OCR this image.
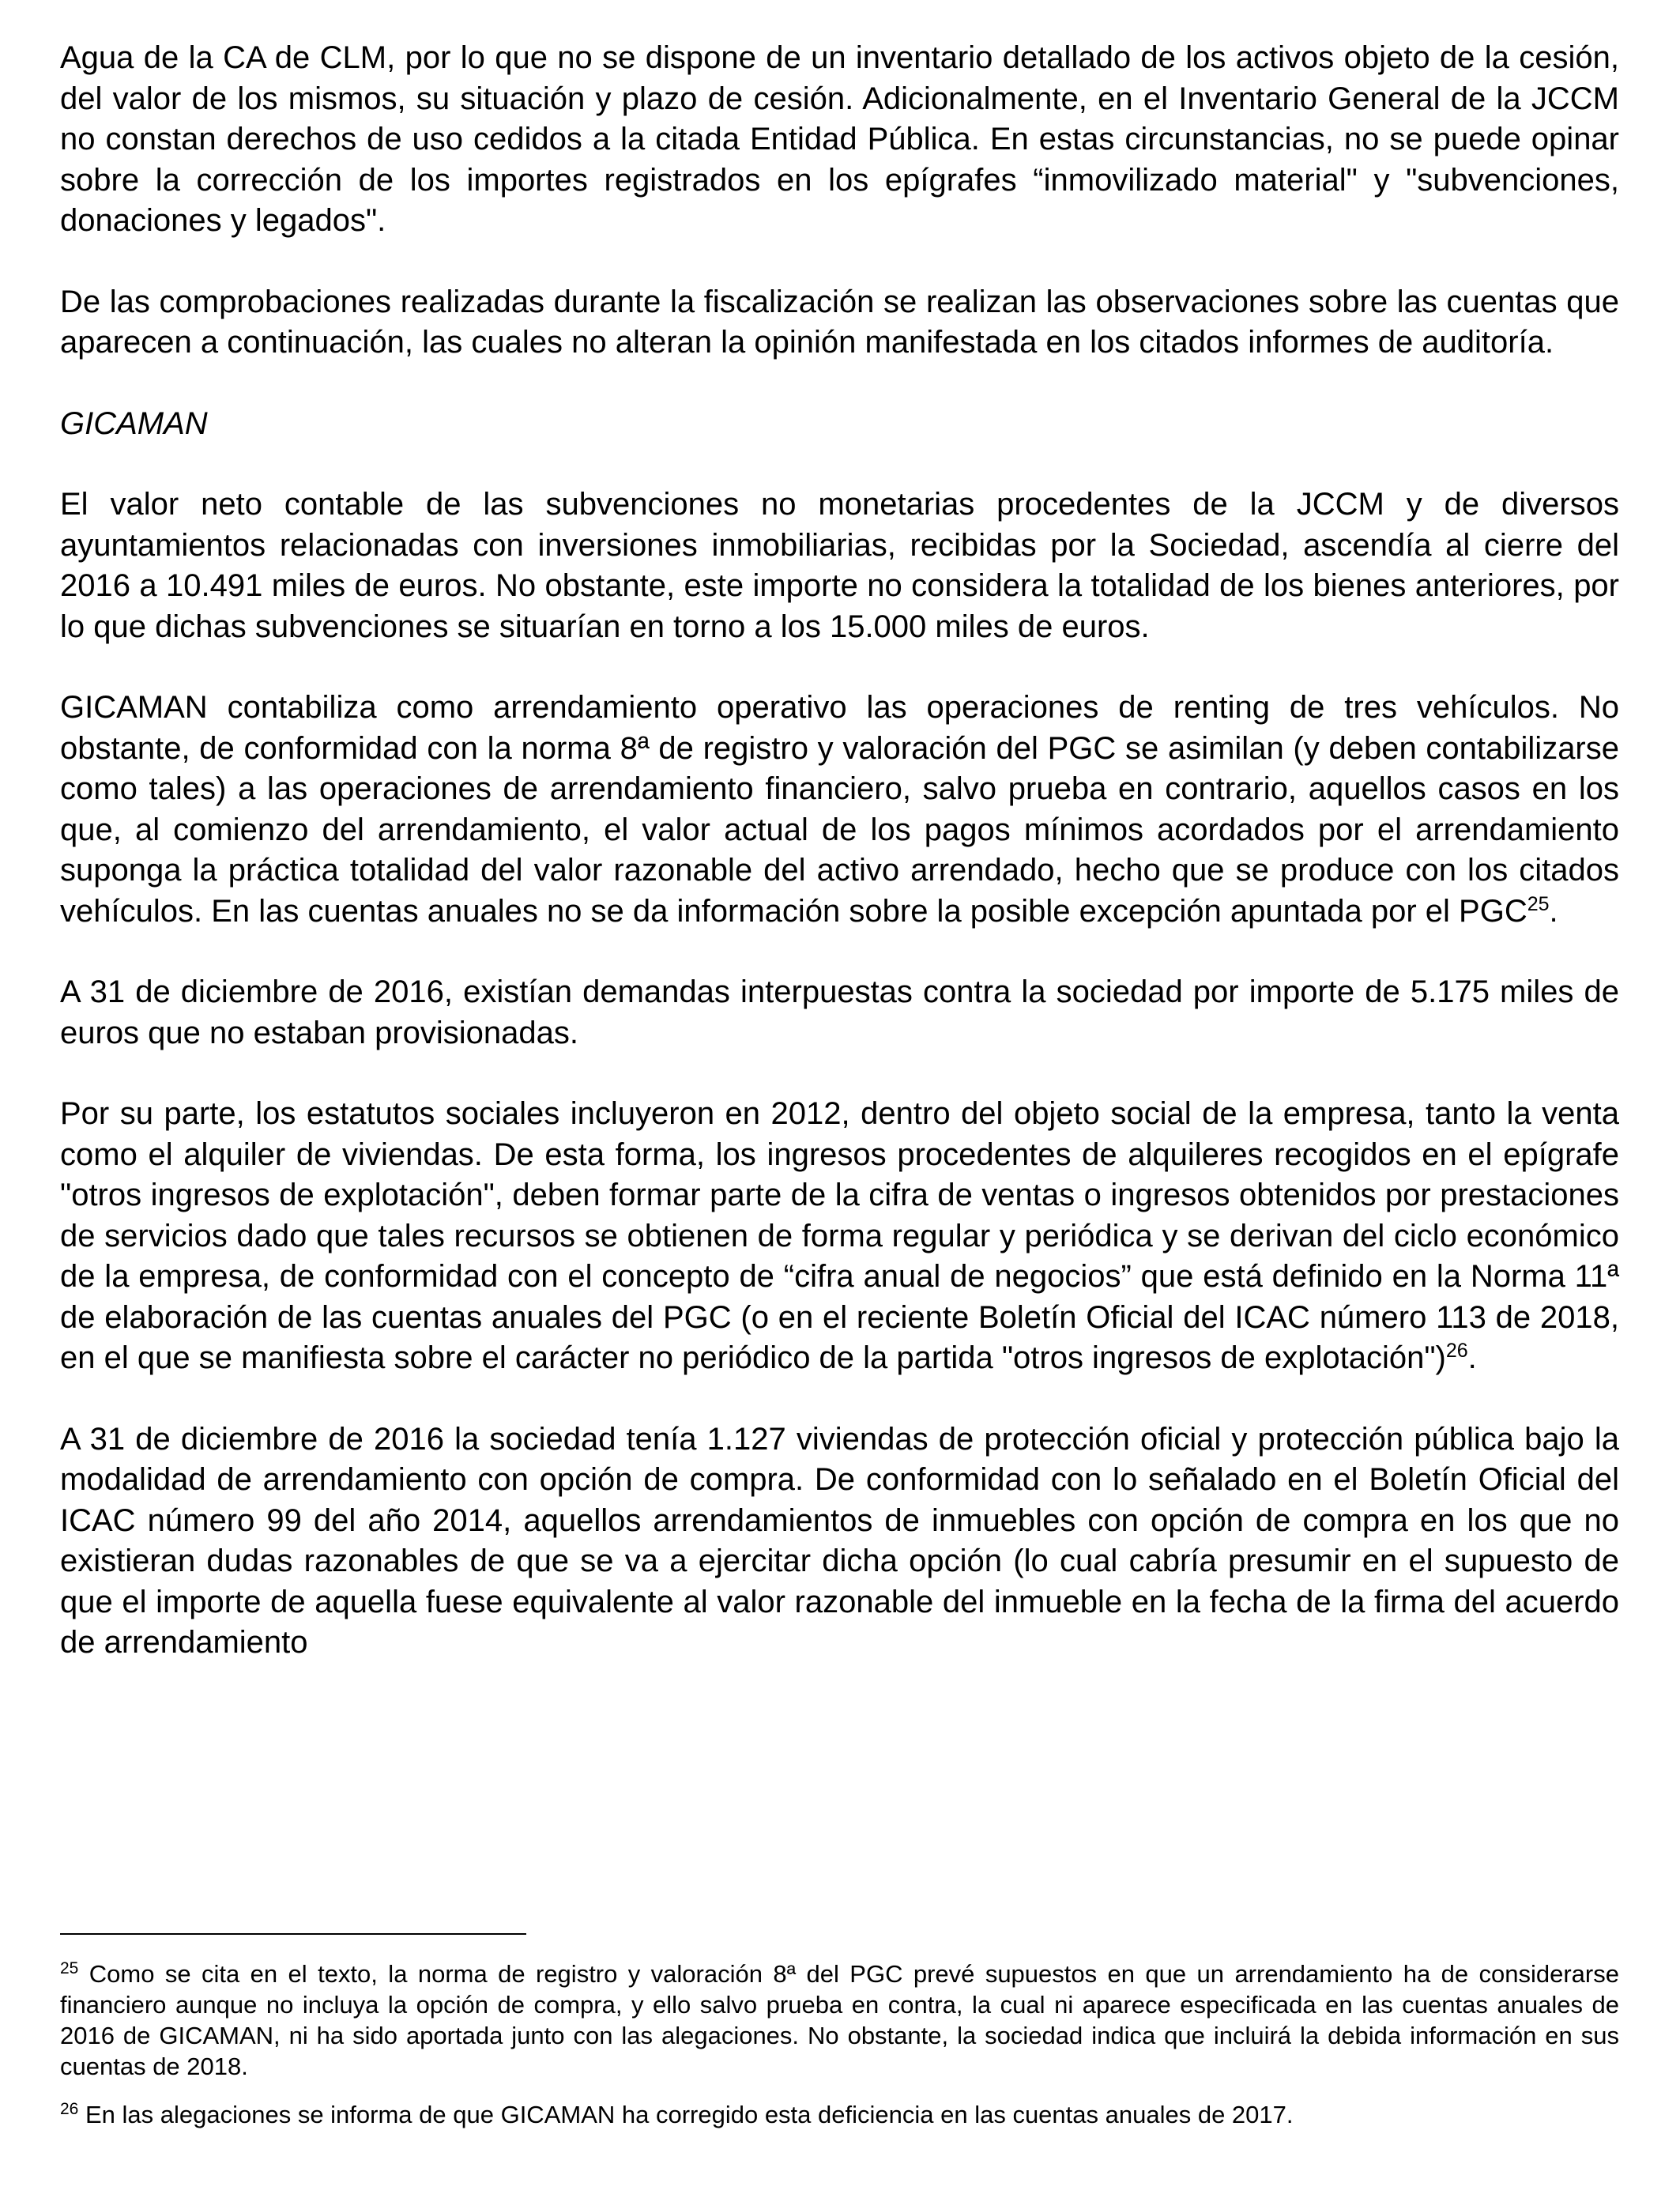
Agua de la CA de CLM, por lo que no se dispone de un inventario detallado de los activos objeto de la cesión, del valor de los mismos, su situación y plazo de cesión. Adicionalmente, en el Inventario General de la JCCM no constan derechos de uso cedidos a la citada Entidad Pública. En estas circunstancias, no se puede opinar sobre la corrección de los importes registrados en los epígrafes “inmovilizado material" y "subvenciones, donaciones y legados".

De las comprobaciones realizadas durante la fiscalización se realizan las observaciones sobre las cuentas que aparecen a continuación, las cuales no alteran la opinión manifestada en los citados informes de auditoría.

GICAMAN

El valor neto contable de las subvenciones no monetarias procedentes de la JCCM y de diversos ayuntamientos relacionadas con inversiones inmobiliarias, recibidas por la Sociedad, ascendía al cierre del 2016 a 10.491 miles de euros. No obstante, este importe no considera la totalidad de los bienes anteriores, por lo que dichas subvenciones se situarían en torno a los 15.000 miles de euros.

GICAMAN contabiliza como arrendamiento operativo las operaciones de renting de tres vehículos. No obstante, de conformidad con la norma 8ª de registro y valoración del PGC se asimilan (y deben contabilizarse como tales) a las operaciones de arrendamiento financiero, salvo prueba en contrario, aquellos casos en los que, al comienzo del arrendamiento, el valor actual de los pagos mínimos acordados por el arrendamiento suponga la práctica totalidad del valor razonable del activo arrendado, hecho que se produce con los citados vehículos. En las cuentas anuales no se da información sobre la posible excepción apuntada por el PGC$^{25}$.

A 31 de diciembre de 2016, existían demandas interpuestas contra la sociedad por importe de 5.175 miles de euros que no estaban provisionadas.

Por su parte, los estatutos sociales incluyeron en 2012, dentro del objeto social de la empresa, tanto la venta como el alquiler de viviendas. De esta forma, los ingresos procedentes de alquileres recogidos en el epígrafe "otros ingresos de explotación", deben formar parte de la cifra de ventas o ingresos obtenidos por prestaciones de servicios dado que tales recursos se obtienen de forma regular y periódica y se derivan del ciclo económico de la empresa, de conformidad con el concepto de “cifra anual de negocios” que está definido en la Norma 11ª de elaboración de las cuentas anuales del PGC (o en el reciente Boletín Oficial del ICAC número 113 de 2018, en el que se manifiesta sobre el carácter no periódico de la partida "otros ingresos de explotación")$^{26}$.

A 31 de diciembre de 2016 la sociedad tenía 1.127 viviendas de protección oficial y protección pública bajo la modalidad de arrendamiento con opción de compra. De conformidad con lo señalado en el Boletín Oficial del ICAC número 99 del año 2014, aquellos arrendamientos de inmuebles con opción de compra en los que no existieran dudas razonables de que se va a ejercitar dicha opción (lo cual cabría presumir en el supuesto de que el importe de aquella fuese equivalente al valor razonable del inmueble en la fecha de la firma del acuerdo de arrendamiento

$^{25}$ Como se cita en el texto, la norma de registro y valoración 8ª del PGC prevé supuestos en que un arrendamiento ha de considerarse financiero aunque no incluya la opción de compra, y ello salvo prueba en contra, la cual ni aparece especificada en las cuentas anuales de 2016 de GICAMAN, ni ha sido aportada junto con las alegaciones. No obstante, la sociedad indica que incluirá la debida información en sus cuentas de 2018.

$^{26}$ En las alegaciones se informa de que GICAMAN ha corregido esta deficiencia en las cuentas anuales de 2017.
